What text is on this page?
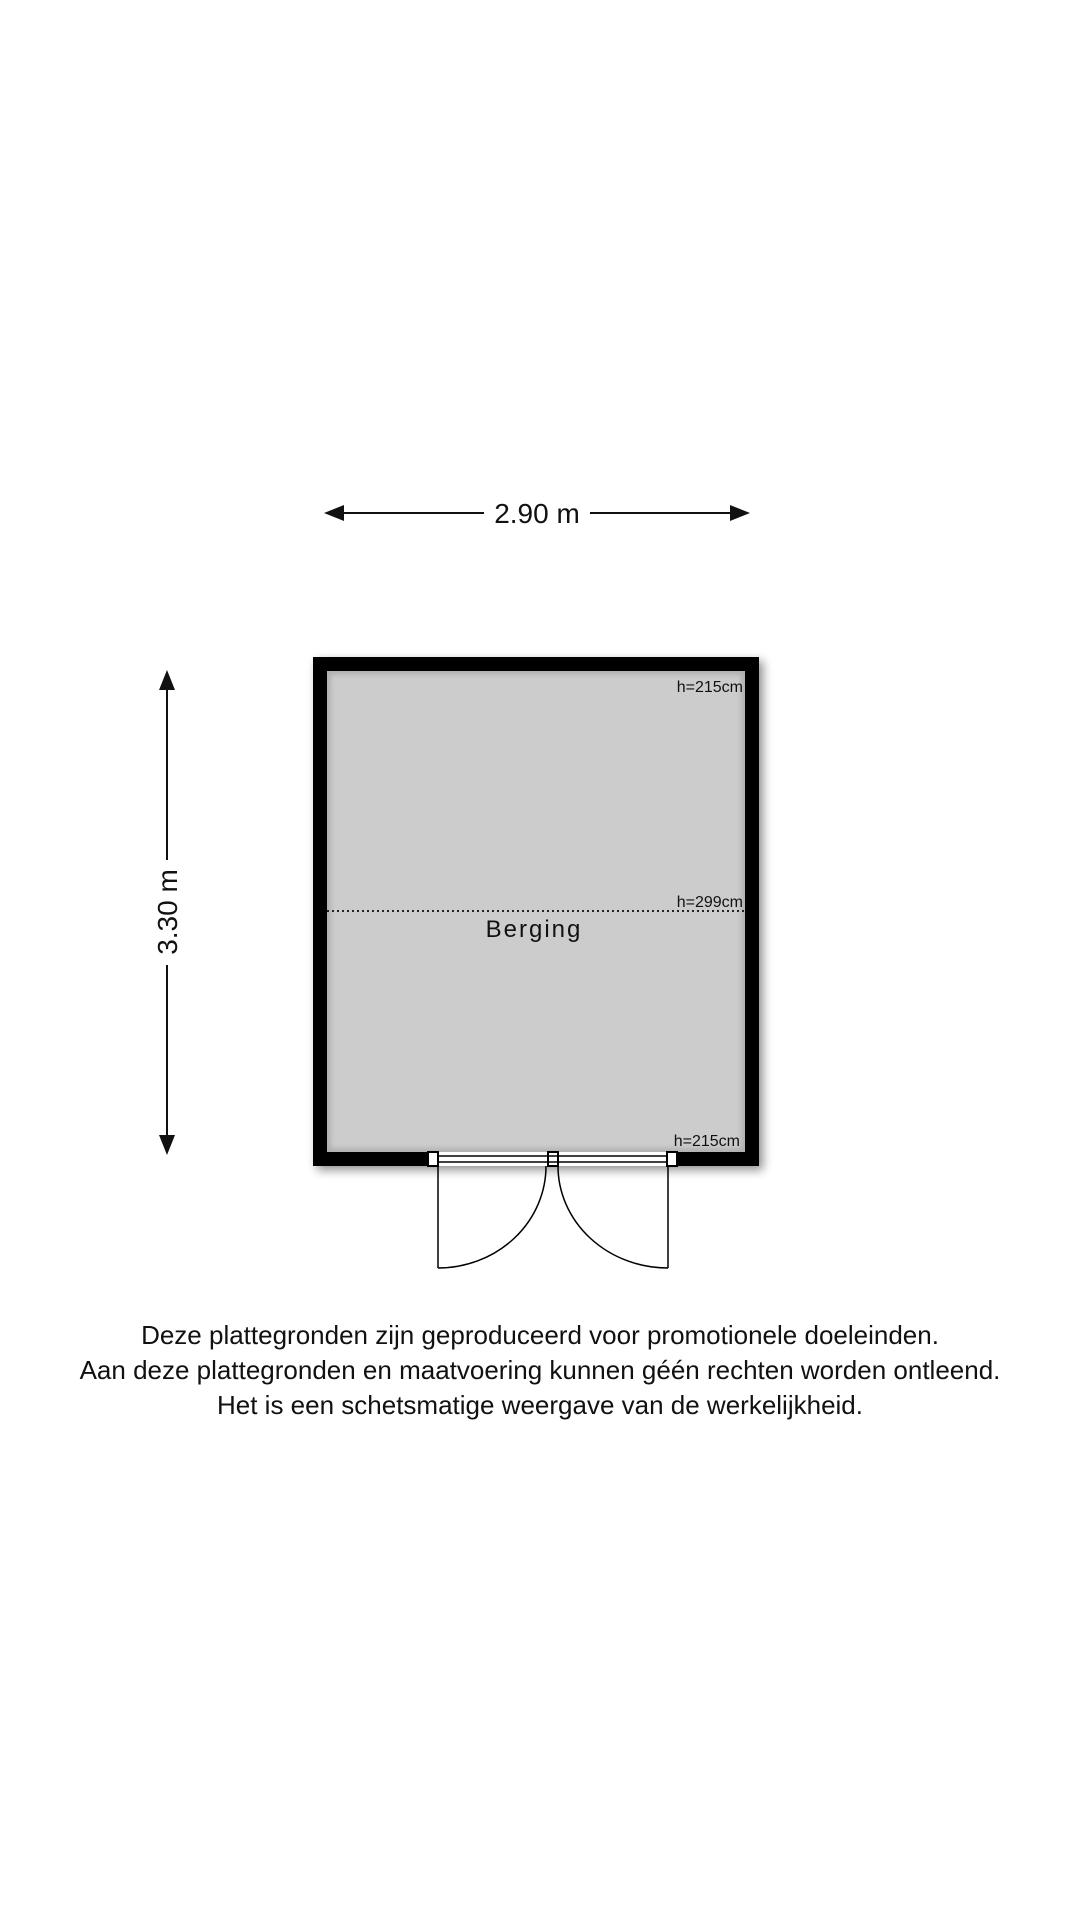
2.90 m
3.30 m
h=215cm
h=299cm
h=215cm
Berging
Deze plattegronden zijn geproduceerd voor promotionele doeleinden.
Aan deze plattegronden en maatvoering kunnen géén rechten worden ontleend.
Het is een schetsmatige weergave van de werkelijkheid.
